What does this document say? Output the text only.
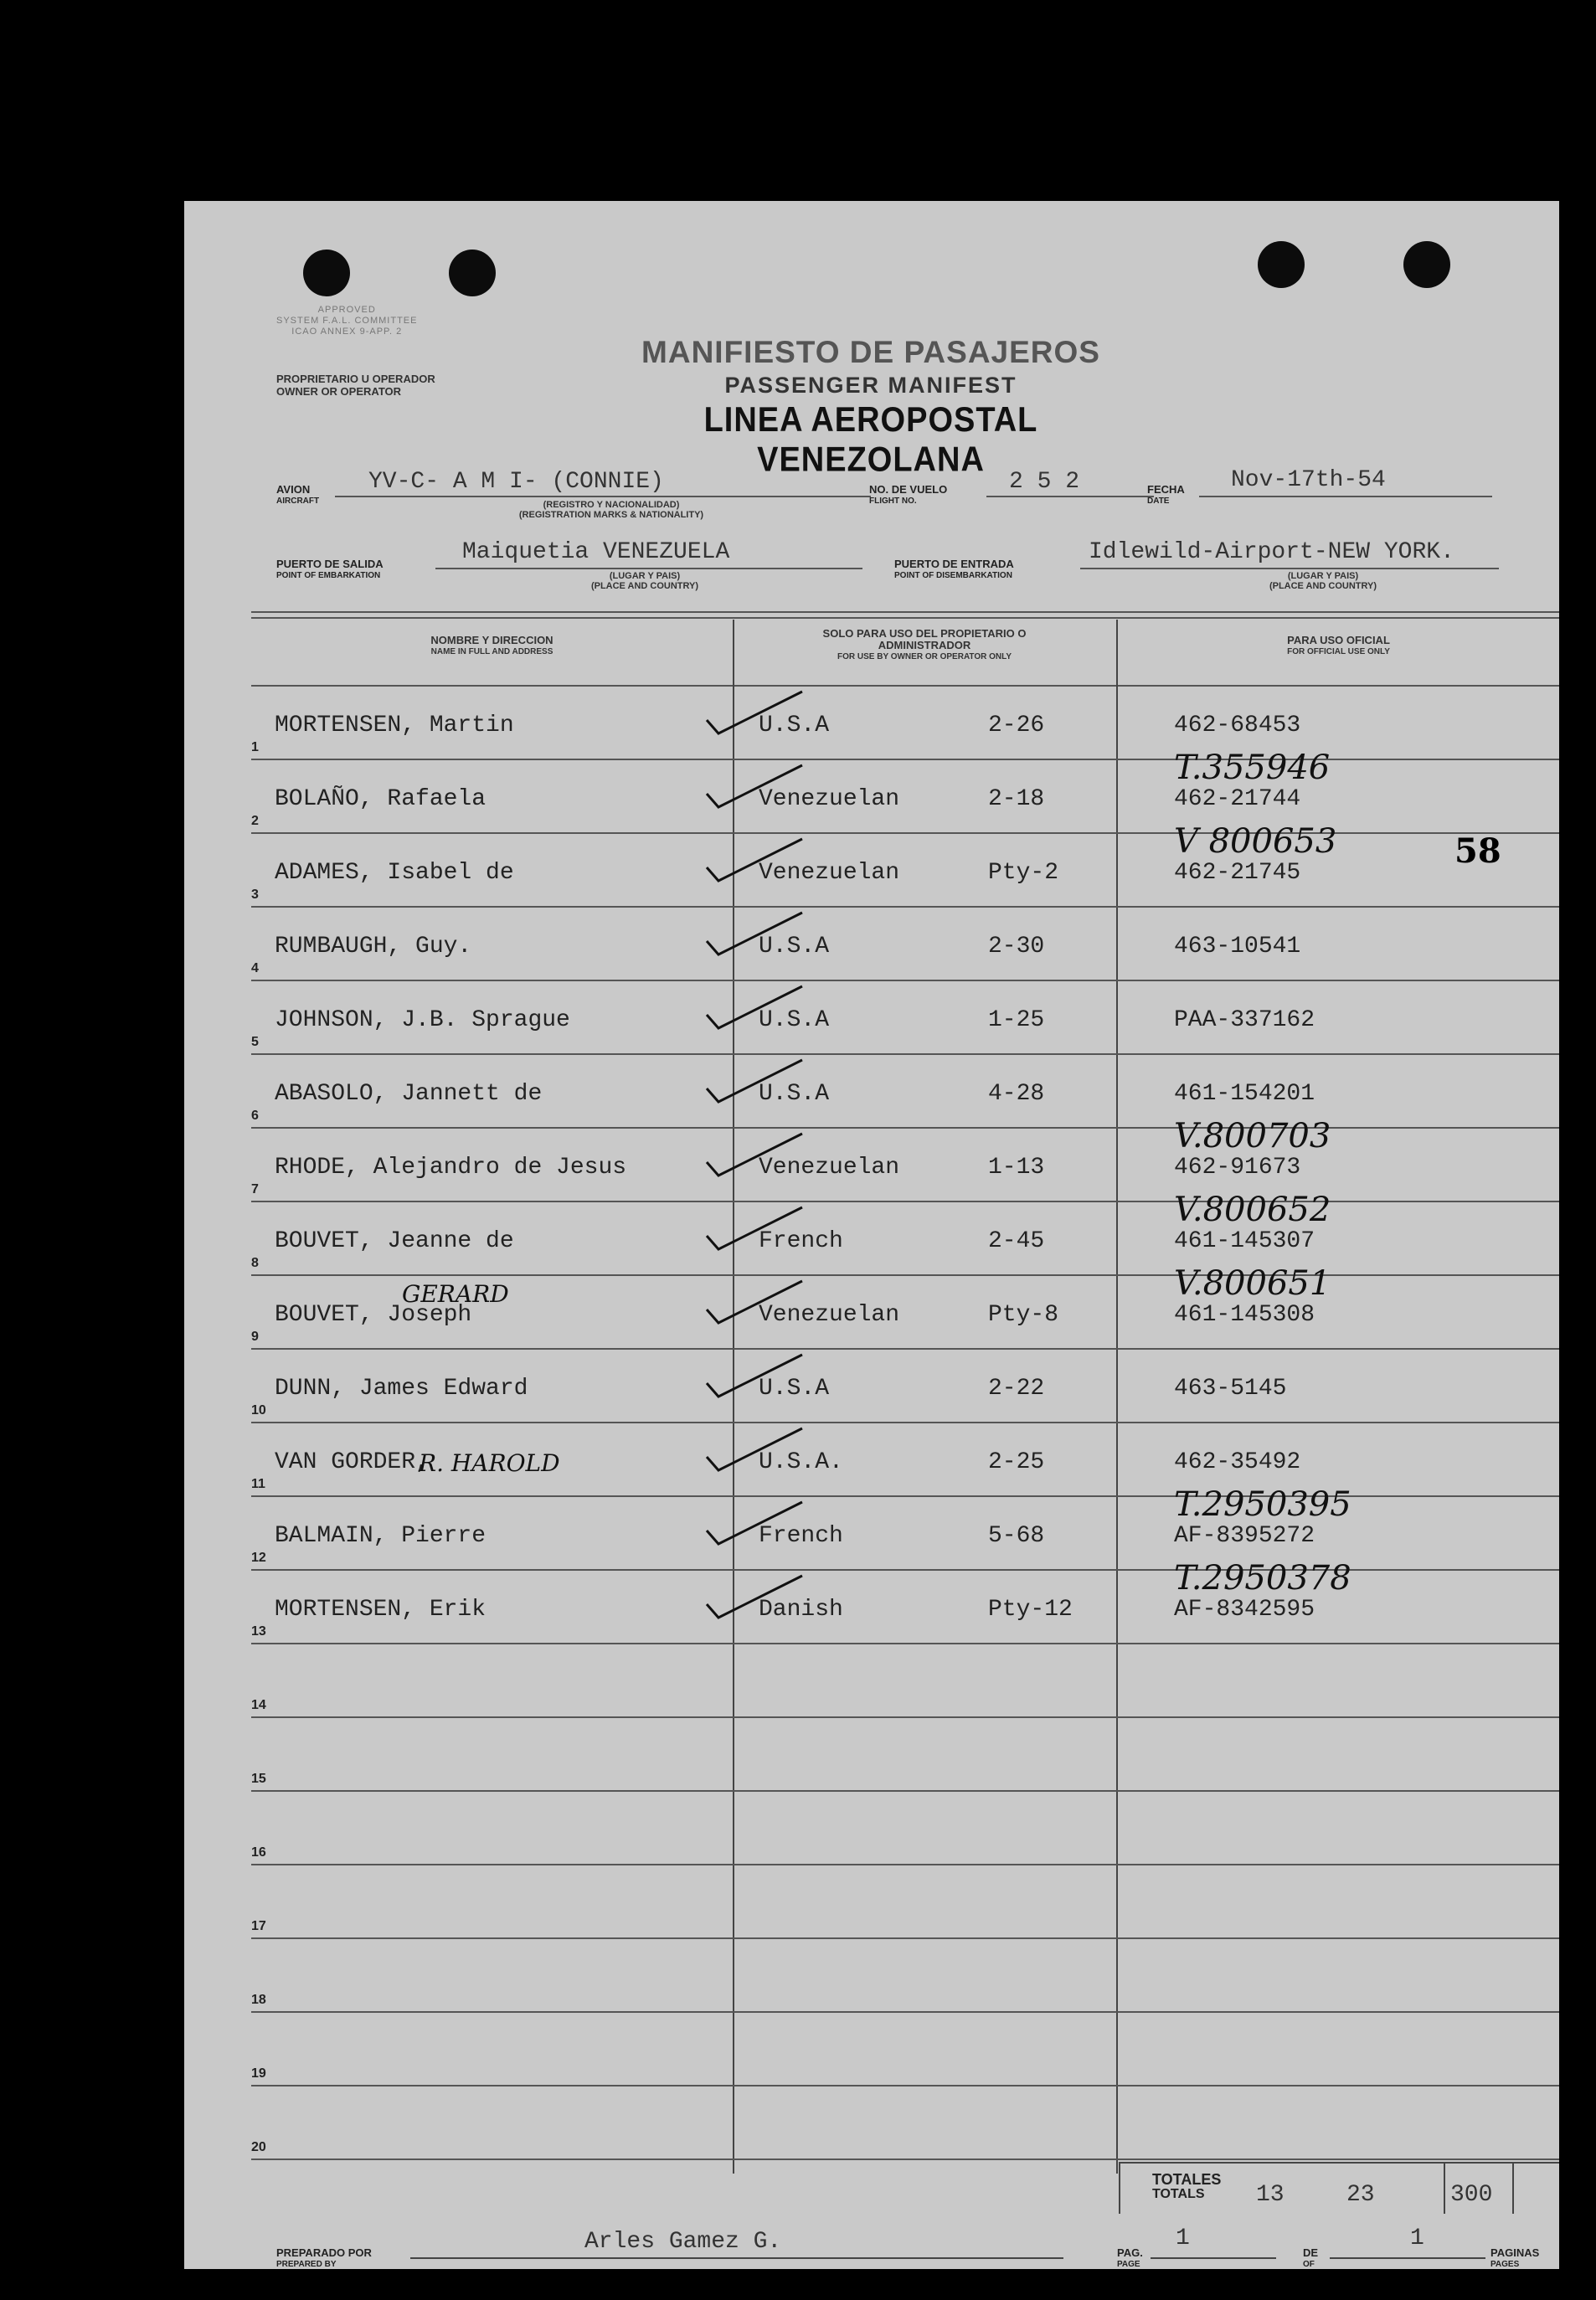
APPROVED
SYSTEM F.A.L. COMMITTEE
ICAO ANNEX 9-APP. 2
PROPRIETARIO U OPERADOR
OWNER OR OPERATOR
MANIFIESTO DE PASAJEROS
PASSENGER MANIFEST
LINEA AEROPOSTAL VENEZOLANA
AVION
AIRCRAFT
YV-C- A M I- (CONNIE)
(REGISTRO Y NACIONALIDAD)
(REGISTRATION MARKS & NATIONALITY)
NO. DE VUELO
FLIGHT NO.
2 5 2	FECHA
DATE
Nov-17th-54
PUERTO DE SALIDA
POINT OF EMBARKATION
Maiquetia VENEZUELA
(LUGAR Y PAIS)
(PLACE AND COUNTRY)
PUERTO DE ENTRADA
POINT OF DISEMBARKATION
Idlewild-Airport-NEW YORK.
(LUGAR Y PAIS)
(PLACE AND COUNTRY)
NOMBRE Y DIRECCION
NAME IN FULL AND ADDRESS
SOLO PARA USO DEL PROPIETARIO O ADMINISTRADOR
FOR USE BY OWNER OR OPERATOR ONLY
PARA USO OFICIAL
FOR OFFICIAL USE ONLY
1
MORTENSEN, Martin	U.S.A	2-26	462-68453
2
BOLAÑO, Rafaela	Venezuelan	2-18	462-21744
T.355946
3
ADAMES, Isabel de	Venezuelan	Pty-2	462-21745
V 800653
4
RUMBAUGH, Guy.	U.S.A	2-30	463-10541
5
JOHNSON, J.B. Sprague	U.S.A	1-25	PAA-337162
6
ABASOLO, Jannett de	U.S.A	4-28	461-154201
7
RHODE, Alejandro de Jesus	Venezuelan	1-13	462-91673
V.800703
8
BOUVET, Jeanne de	French	2-45	461-145307
V.800652
9
BOUVET, Joseph	Venezuelan	Pty-8	461-145308
V.800651
GERARD
10
DUNN, James Edward	U.S.A	2-22	463-5145
11
VAN GORDER,	U.S.A.	2-25	462-35492
R. HAROLD
12
BALMAIN, Pierre	French	5-68	AF-8395272
T.2950395
13
MORTENSEN, Erik	Danish	Pty-12	AF-8342595
T.2950378
14
15
16
17
18
19
20
58
TOTALES
TOTALS	13	23	300
PREPARADO POR
PREPARED BY
Arles Gamez G.	PAG.
PAGE
1
DE
OF
1
PAGINAS
PAGES
